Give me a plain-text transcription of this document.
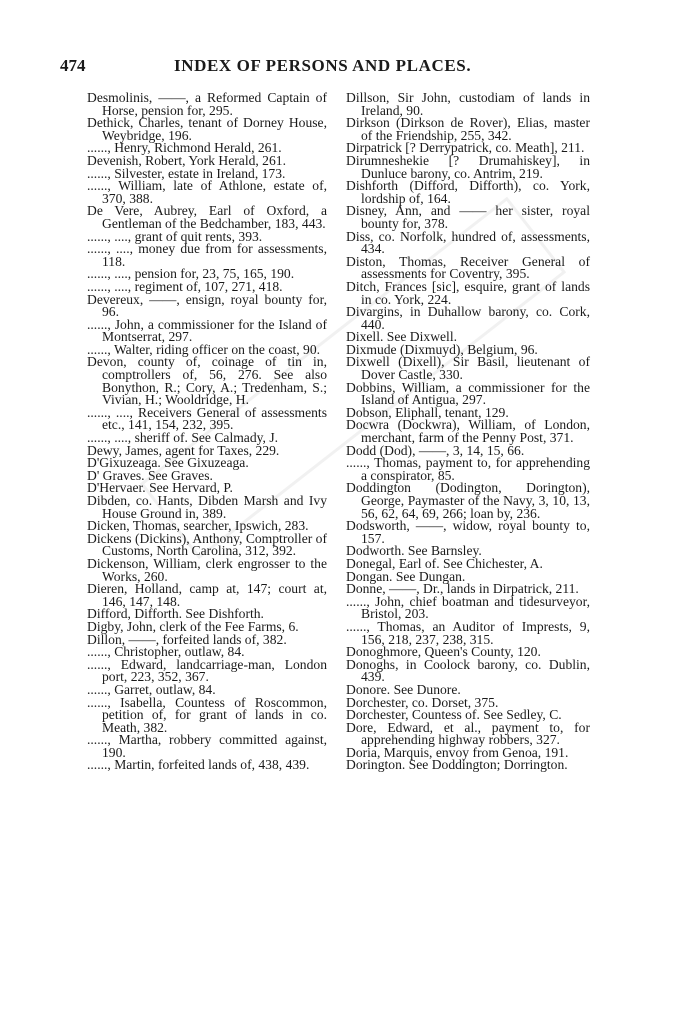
474	INDEX OF PERSONS AND PLACES.

Desmolinis, ——, a Reformed Captain of Horse, pension for, 295.

Dethick, Charles, tenant of Dorney House, Weybridge, 196.

......, Henry, Richmond Herald, 261.

Devenish, Robert, York Herald, 261.

......, Silvester, estate in Ireland, 173.

......, William, late of Athlone, estate of, 370, 388.

De Vere, Aubrey, Earl of Oxford, a Gentleman of the Bedchamber, 183, 443.

......, ...., grant of quit rents, 393.

......, ...., money due from for assessments, 118.

......, ...., pension for, 23, 75, 165, 190.

......, ...., regiment of, 107, 271, 418.

Devereux, ——, ensign, royal bounty for, 96.

......, John, a commissioner for the Island of Montserrat, 297.

......, Walter, riding officer on the coast, 90.

Devon, county of, coinage of tin in, comptrollers of, 56, 276. See also Bonython, R.; Cory, A.; Tredenham, S.; Vivian, H.; Wooldridge, H.

......, ...., Receivers General of assessments etc., 141, 154, 232, 395.

......, ...., sheriff of. See Calmady, J.

Dewy, James, agent for Taxes, 229.

D'Gixuzeaga. See Gixuzeaga.

D' Graves. See Graves.

D'Hervaer. See Hervard, P.

Dibden, co. Hants, Dibden Marsh and Ivy House Ground in, 389.

Dicken, Thomas, searcher, Ipswich, 283.

Dickens (Dickins), Anthony, Comptroller of Customs, North Carolina, 312, 392.

Dickenson, William, clerk engrosser to the Works, 260.

Dieren, Holland, camp at, 147; court at, 146, 147, 148.

Difford, Difforth. See Dishforth.

Digby, John, clerk of the Fee Farms, 6.

Dillon, ——, forfeited lands of, 382.

......, Christopher, outlaw, 84.

......, Edward, landcarriage-man, London port, 223, 352, 367.

......, Garret, outlaw, 84.

......, Isabella, Countess of Roscommon, petition of, for grant of lands in co. Meath, 382.

......, Martha, robbery committed against, 190.

......, Martin, forfeited lands of, 438, 439.

Dillson, Sir John, custodiam of lands in Ireland, 90.

Dirkson (Dirkson de Rover), Elias, master of the Friendship, 255, 342.

Dirpatrick [? Derrypatrick, co. Meath], 211.

Dirumneshekie [? Drumahiskey], in Dunluce barony, co. Antrim, 219.

Dishforth (Difford, Difforth), co. York, lordship of, 164.

Disney, Ann, and —— her sister, royal bounty for, 378.

Diss, co. Norfolk, hundred of, assessments, 434.

Diston, Thomas, Receiver General of assessments for Coventry, 395.

Ditch, Frances [sic], esquire, grant of lands in co. York, 224.

Divargins, in Duhallow barony, co. Cork, 440.

Dixell. See Dixwell.

Dixmude (Dixmuyd), Belgium, 96.

Dixwell (Dixell), Sir Basil, lieutenant of Dover Castle, 330.

Dobbins, William, a commissioner for the Island of Antigua, 297.

Dobson, Eliphall, tenant, 129.

Docwra (Dockwra), William, of London, merchant, farm of the Penny Post, 371.

Dodd (Dod), ——, 3, 14, 15, 66.

......, Thomas, payment to, for apprehending a conspirator, 85.

Doddington (Dodington, Dorington), George, Paymaster of the Navy, 3, 10, 13, 56, 62, 64, 69, 266; loan by, 236.

Dodsworth, ——, widow, royal bounty to, 157.

Dodworth. See Barnsley.

Donegal, Earl of. See Chichester, A.

Dongan. See Dungan.

Donne, ——, Dr., lands in Dirpatrick, 211.

......, John, chief boatman and tidesurveyor, Bristol, 203.

......, Thomas, an Auditor of Imprests, 9, 156, 218, 237, 238, 315.

Donoghmore, Queen's County, 120.

Donoghs, in Coolock barony, co. Dublin, 439.

Donore. See Dunore.

Dorchester, co. Dorset, 375.

Dorchester, Countess of. See Sedley, C.

Dore, Edward, et al., payment to, for apprehending highway robbers, 327.

Doria, Marquis, envoy from Genoa, 191.

Dorington. See Doddington; Dorrington.
